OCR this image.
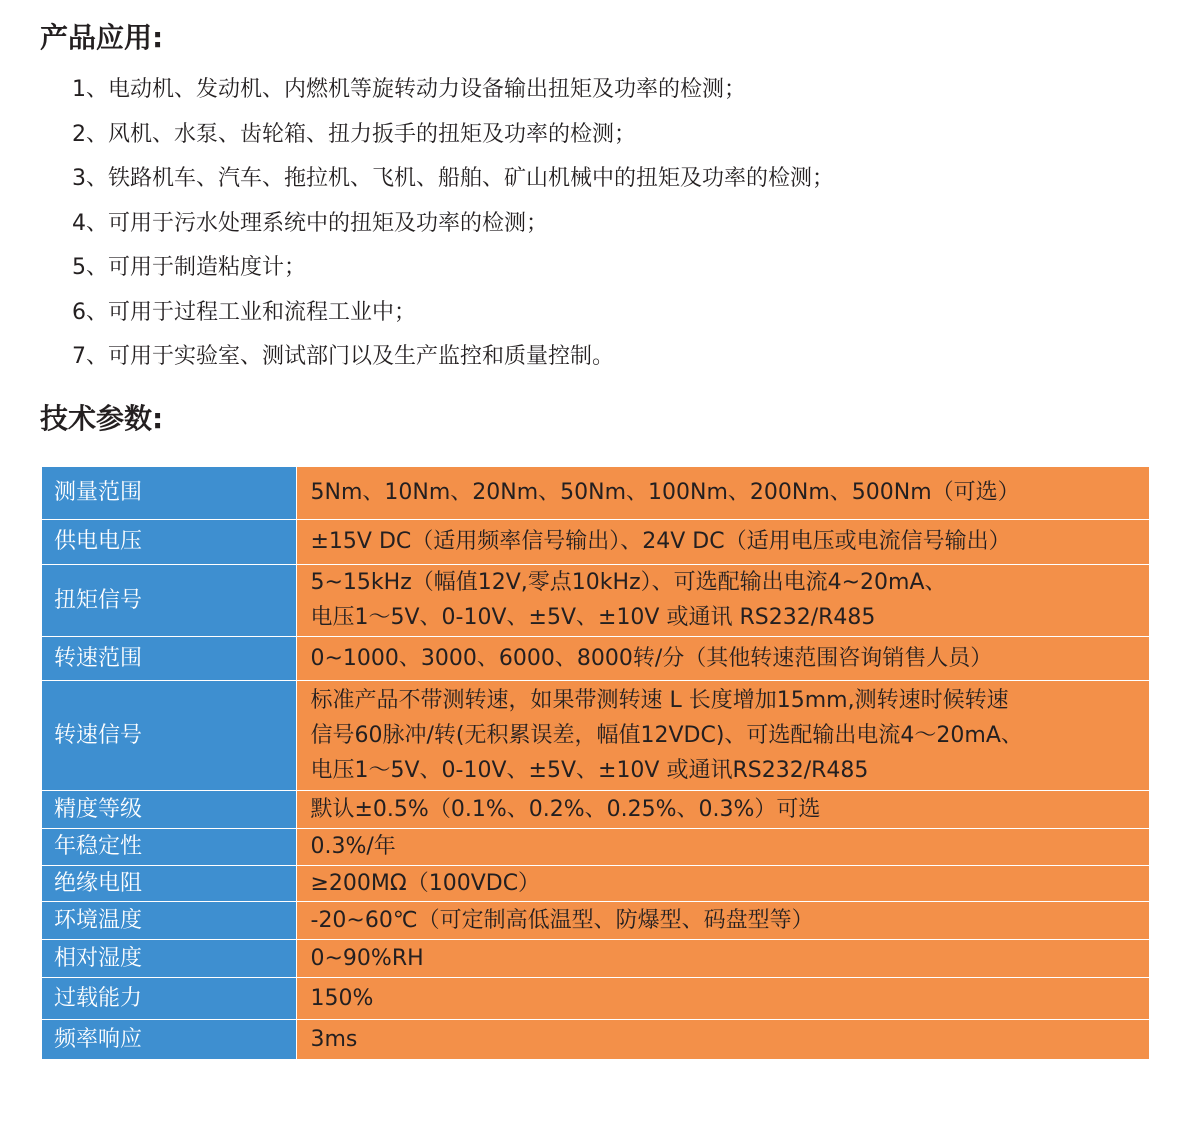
产品应用:
1、电动机、发动机、内燃机等旋转动力设备输出扭矩及功率的检测；
2、风机、水泵、齿轮箱、扭力扳手的扭矩及功率的检测；
3、铁路机车、汽车、拖拉机、飞机、船舶、矿山机械中的扭矩及功率的检测；
4、可用于污水处理系统中的扭矩及功率的检测；
5、可用于制造粘度计；
6、可用于过程工业和流程工业中；
7、可用于实验室、测试部门以及生产监控和质量控制。
技术参数:
测量范围	5Nm、10Nm、20Nm、50Nm、100Nm、200Nm、500Nm（可选）

供电电压	±15V DC（适用频率信号输出）、24V DC（适用电压或电流信号输出）

扭矩信号	5~15kHz（幅值12V,零点10kHz）、可选配输出电流4~20mA、
电压1～5V、0-10V、±5V、±10V 或通讯 RS232/R485

转速范围	0~1000、3000、6000、8000转/分（其他转速范围咨询销售人员）

转速信号	标准产品不带测转速，如果带测转速 L 长度增加15mm,测转速时候转速
信号60脉冲/转(无积累误差，幅值12VDC)、可选配输出电流4～20mA、
电压1～5V、0-10V、±5V、±10V 或通讯RS232/R485

精度等级	默认±0.5%（0.1%、0.2%、0.25%、0.3%）可选

年稳定性	0.3%/年

绝缘电阻	≥200MΩ（100VDC）

环境温度	-20~60℃（可定制高低温型、防爆型、码盘型等）

相对湿度	0~90%RH

过载能力	150%

频率响应	3ms
